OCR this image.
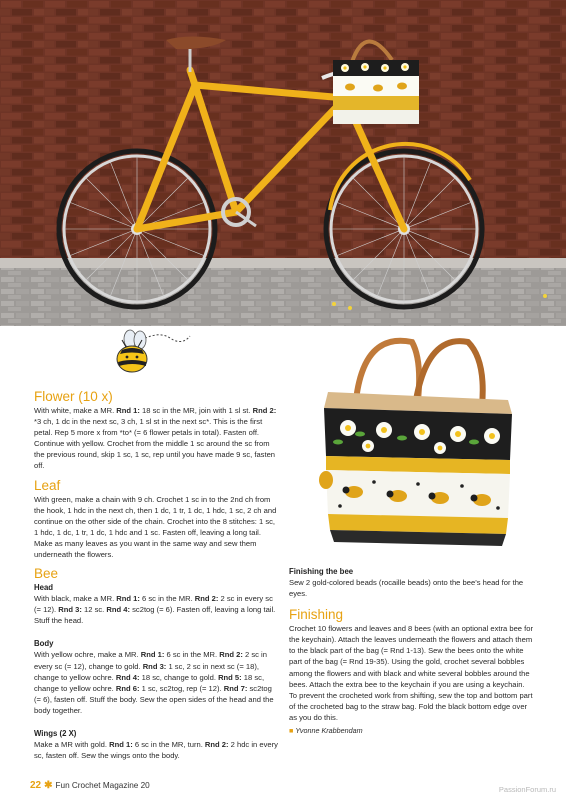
Flower (10 x)

With white, make a MR. Rnd 1: 18 sc in the MR, join with 1 sl st. Rnd 2: *3 ch, 1 dc in the next sc, 3 ch, 1 sl st in the next sc*. This is the first petal. Rep 5 more x from *to* (= 6 flower petals in total). Fasten off. Continue with yellow. Crochet from the middle 1 sc around the sc from the previous round, skip 1 sc, 1 sc, rep until you have made 9 sc, fasten off.

Leaf

With green, make a chain with 9 ch. Crochet 1 sc in to the 2nd ch from the hook, 1 hdc in the next ch, then 1 dc, 1 tr, 1 dc, 1 hdc, 1 sc, 2 ch and continue on the other side of the chain. Crochet into the 8 stitches: 1 sc, 1 hdc, 1 dc, 1 tr, 1 dc, 1 hdc and 1 sc. Fasten off, leaving a long tail. Make as many leaves as you want in the same way and sew them underneath the flowers.

Bee
Head

With black, make a MR. Rnd 1: 6 sc in the MR. Rnd 2: 2 sc in every sc (= 12). Rnd 3: 12 sc. Rnd 4: sc2tog (= 6). Fasten off, leaving a long tail. Stuff the head.

Body

With yellow ochre, make a MR. Rnd 1: 6 sc in the MR. Rnd 2: 2 sc in every sc (= 12), change to gold. Rnd 3: 1 sc, 2 sc in next sc (= 18), change to yellow ochre. Rnd 4: 18 sc, change to gold. Rnd 5: 18 sc, change to yellow ochre. Rnd 6: 1 sc, sc2tog, rep (= 12). Rnd 7: sc2tog (= 6), fasten off. Stuff the body. Sew the open sides of the head and the body together.

Wings (2 X)

Make a MR with gold. Rnd 1: 6 sc in the MR, turn. Rnd 2: 2 hdc in every sc, fasten off. Sew the wings onto the body.

Finishing the bee

Sew 2 gold-colored beads (rocaille beads) onto the bee’s head for the eyes.

Finishing

Crochet 10 flowers and leaves and 8 bees (with an optional extra bee for the keychain). Attach the leaves underneath the flowers and attach them to the black part of the bag (= Rnd 1-13). Sew the bees onto the white part of the bag (= Rnd 19-35). Using the gold, crochet several bobbles among the flowers and with black and white several bobbles around the bees. Attach the extra bee to the keychain if you are using a keychain. To prevent the crocheted work from shifting, sew the top and bottom part of the crocheted bag to the straw bag. Fold the black bottom edge over as you do this.

■ Yvonne Krabbendam

22 ✱ Fun Crochet Magazine 20	PassionForum.ru
